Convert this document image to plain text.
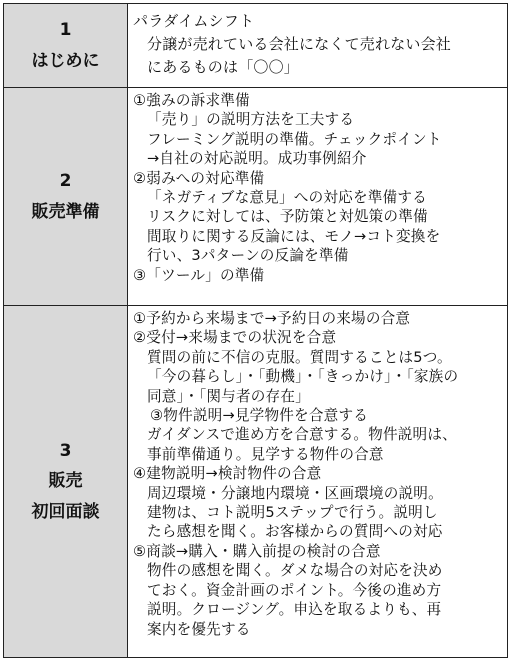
1
はじめに
パラダイムシフト
分譲が売れている会社になくて売れない会社
にあるものは「〇〇」
2
販売準備
①強みの訴求準備
「売り」の説明方法を工夫する
フレーミング説明の準備。チェックポイント
→自社の対応説明。成功事例紹介
②弱みへの対応準備
「ネガティブな意見」への対応を準備する
リスクに対しては、予防策と対処策の準備
間取りに関する反論には、モノ→コト変換を
行い、3パターンの反論を準備
③「ツール」の準備
3
販売
初回面談
①予約から来場まで→予約日の来場の合意
②受付→来場までの状況を合意
質問の前に不信の克服。質問することは5つ。
「今の暮らし」・「動機」・「きっかけ」・「家族の
同意」・「関与者の存在」
③物件説明→見学物件を合意する
ガイダンスで進め方を合意する。物件説明は、
事前準備通り。見学する物件の合意
④建物説明→検討物件の合意
周辺環境・分譲地内環境・区画環境の説明。
建物は、コト説明5ステップで行う。説明し
たら感想を聞く。お客様からの質問への対応
⑤商談→購入・購入前提の検討の合意
物件の感想を聞く。ダメな場合の対応を決め
ておく。資金計画のポイント。今後の進め方
説明。クロージング。申込を取るよりも、再
案内を優先する
